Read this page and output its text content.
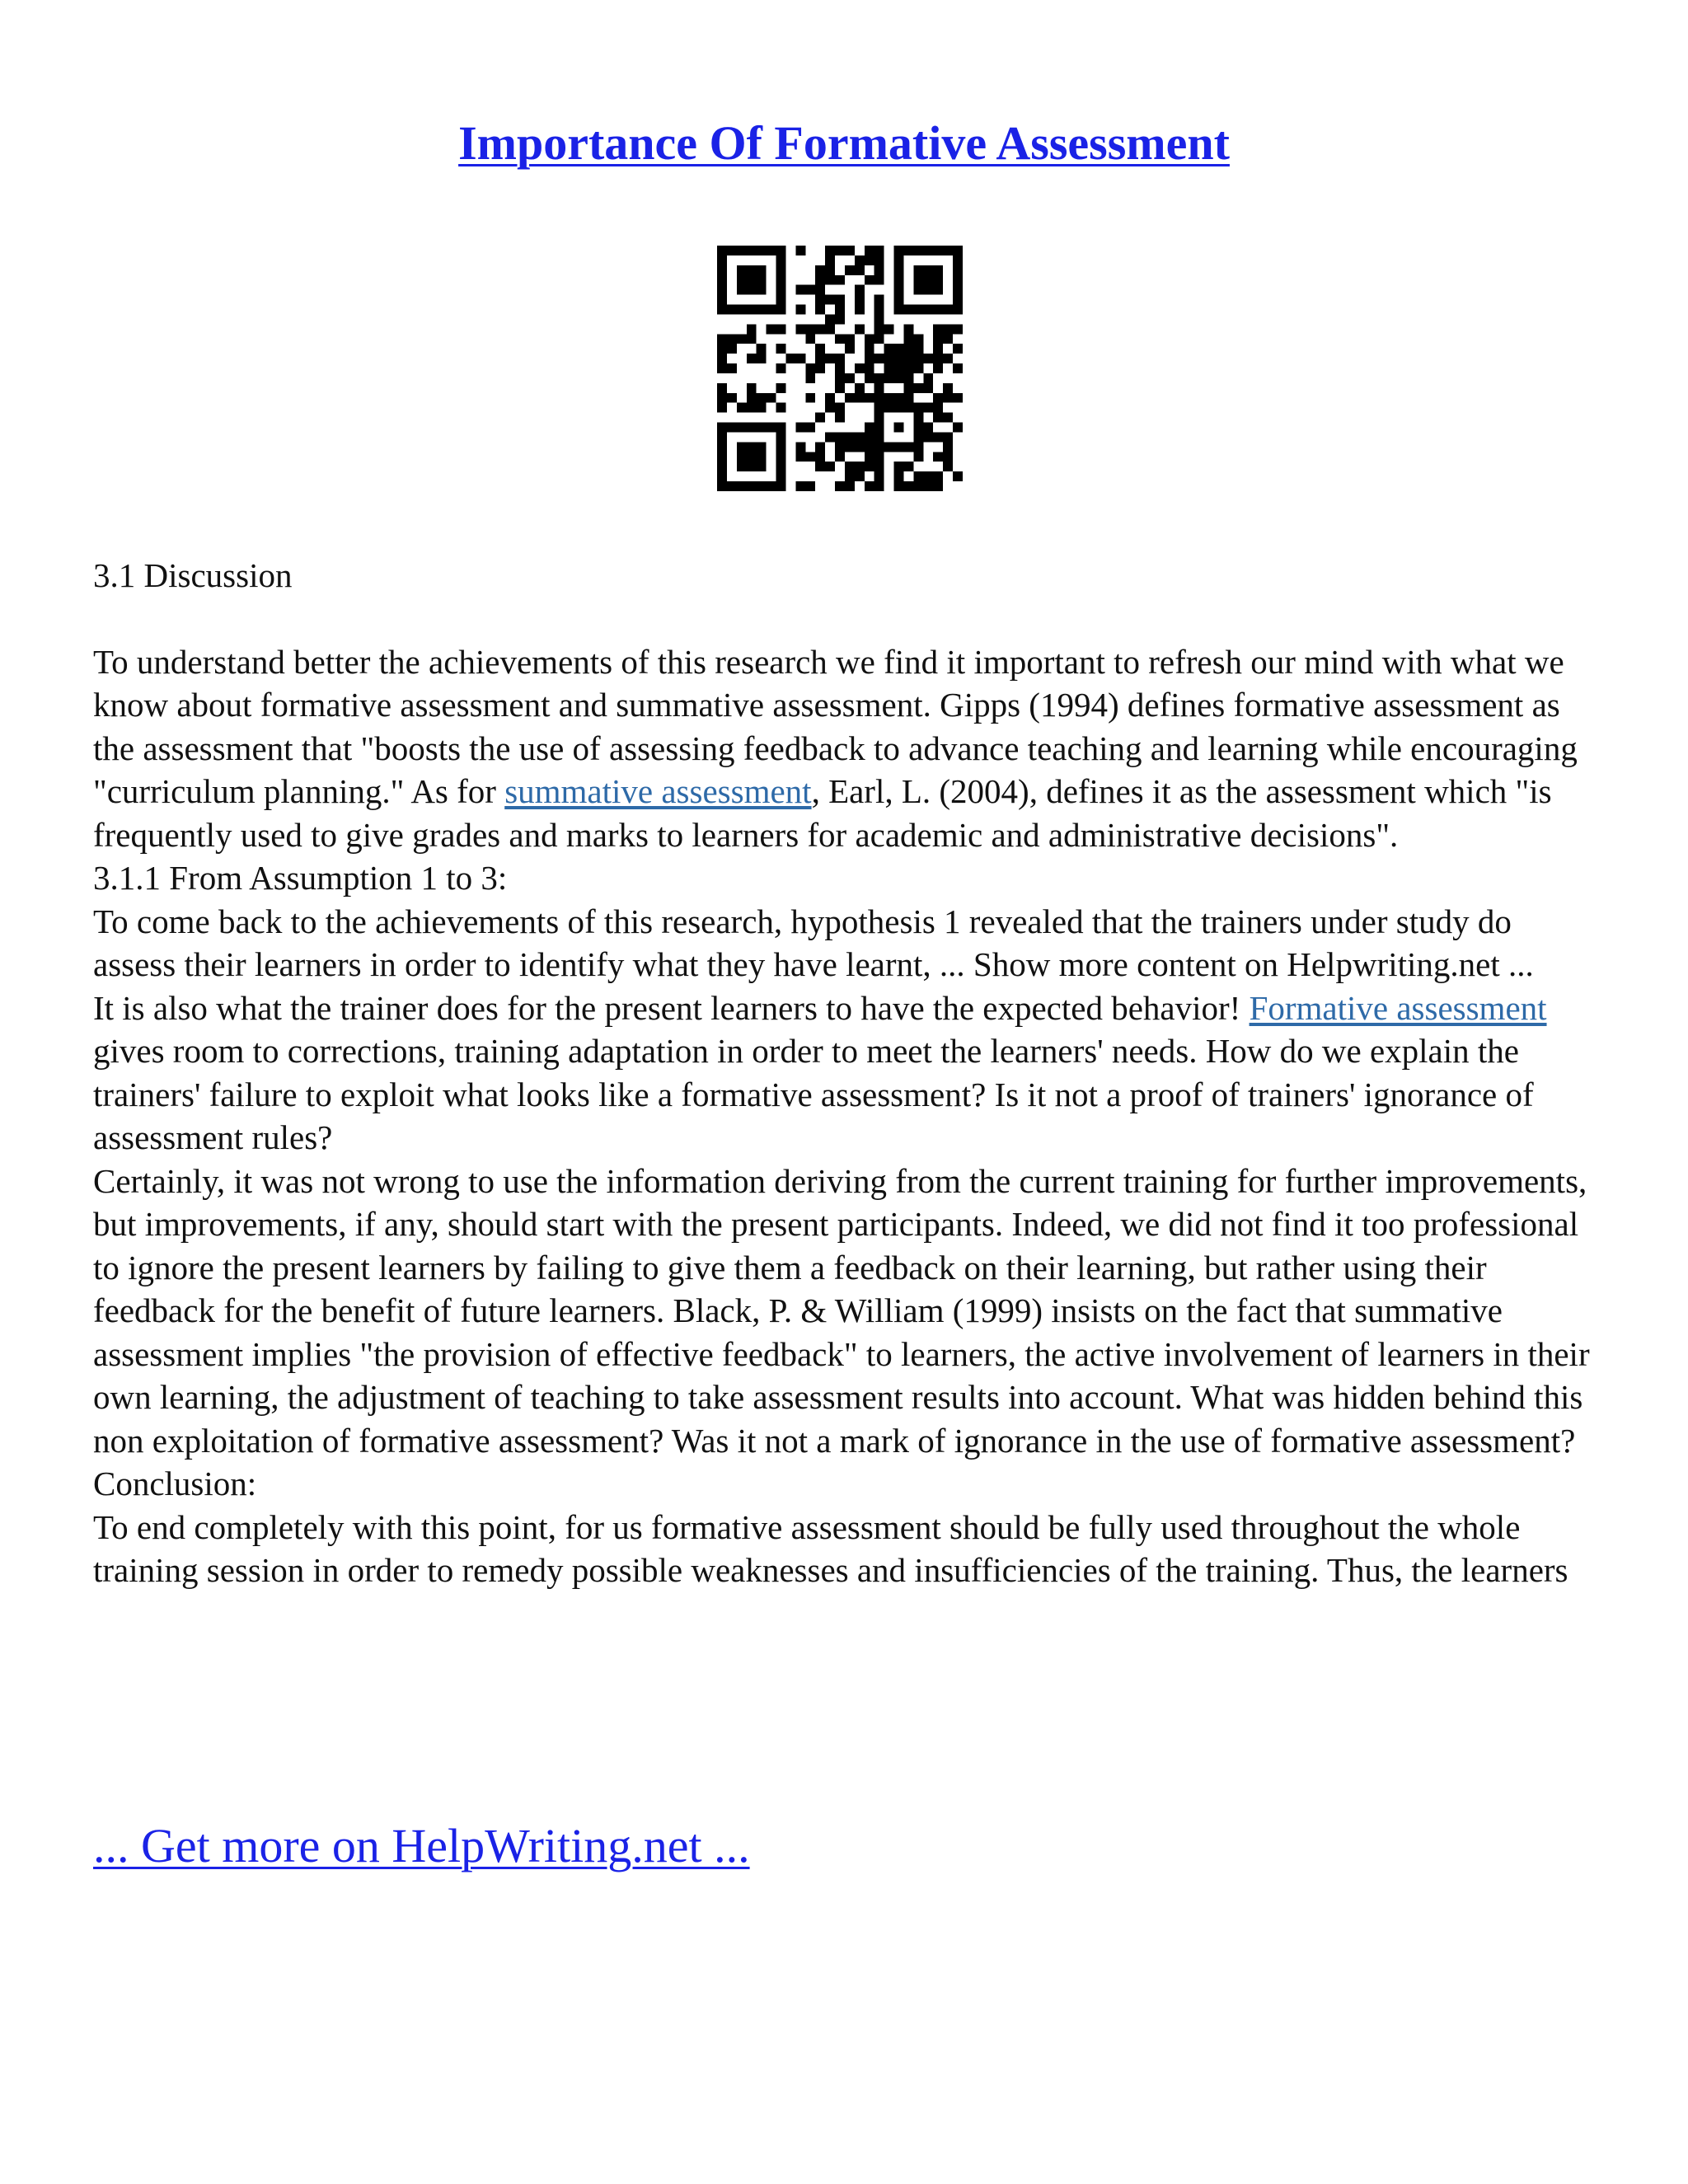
Importance Of Formative Assessment

3.1 Discussion

To understand better the achievements of this research we find it important to refresh our mind with what we know about formative assessment and summative assessment. Gipps (1994) defines formative assessment as the assessment that "boosts the use of assessing feedback to advance teaching and learning while encouraging "curriculum planning." As for summative assessment, Earl, L. (2004), defines it as the assessment which "is frequently used to give grades and marks to learners for academic and administrative decisions".

3.1.1 From Assumption 1 to 3:

To come back to the achievements of this research, hypothesis 1 revealed that the trainers under study do assess their learners in order to identify what they have learnt, ... Show more content on Helpwriting.net ...

It is also what the trainer does for the present learners to have the expected behavior! Formative assessment gives room to corrections, training adaptation in order to meet the learners' needs. How do we explain the trainers' failure to exploit what looks like a formative assessment? Is it not a proof of trainers' ignorance of assessment rules?

Certainly, it was not wrong to use the information deriving from the current training for further improvements, but improvements, if any, should start with the present participants. Indeed, we did not find it too professional to ignore the present learners by failing to give them a feedback on their learning, but rather using their feedback for the benefit of future learners. Black, P. & William (1999) insists on the fact that summative assessment implies "the provision of effective feedback" to learners, the active involvement of learners in their own learning, the adjustment of teaching to take assessment results into account. What was hidden behind this non exploitation of formative assessment? Was it not a mark of ignorance in the use of formative assessment?

Conclusion:

To end completely with this point, for us formative assessment should be fully used throughout the whole training session in order to remedy possible weaknesses and insufficiencies of the training. Thus, the learners

... Get more on HelpWriting.net ...
